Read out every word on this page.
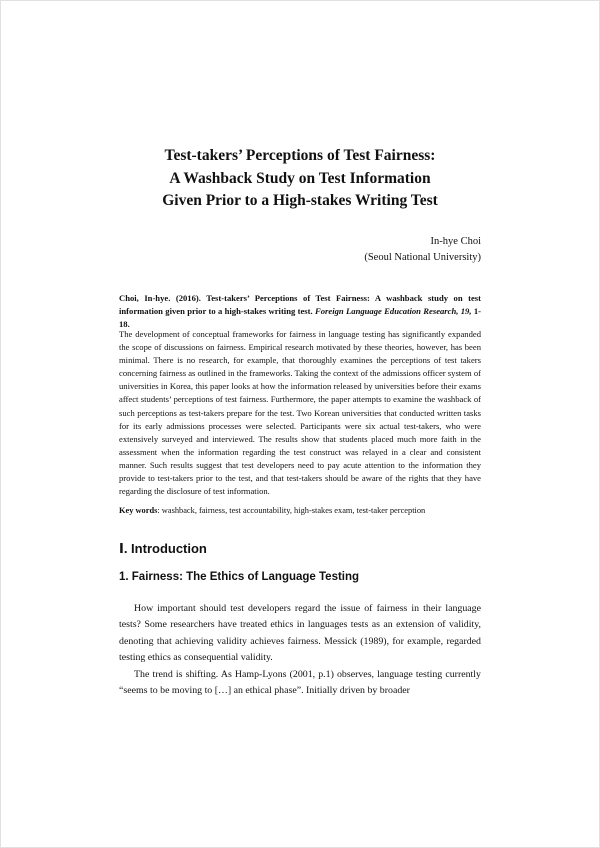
Test-takers’ Perceptions of Test Fairness:
A Washback Study on Test Information
Given Prior to a High-stakes Writing Test
In-hye Choi
(Seoul National University)
Choi, In-hye. (2016). Test-takers’ Perceptions of Test Fairness: A washback study on test information given prior to a high-stakes writing test. Foreign Language Education Research, 19, 1-18.

The development of conceptual frameworks for fairness in language testing has significantly expanded the scope of discussions on fairness. Empirical research motivated by these theories, however, has been minimal. There is no research, for example, that thoroughly examines the perceptions of test takers concerning fairness as outlined in the frameworks. Taking the context of the admissions officer system of universities in Korea, this paper looks at how the information released by universities before their exams affect students’ perceptions of test fairness. Furthermore, the paper attempts to examine the washback of such perceptions as test-takers prepare for the test. Two Korean universities that conducted written tasks for its early admissions processes were selected. Participants were six actual test-takers, who were extensively surveyed and interviewed. The results show that students placed much more faith in the assessment when the information regarding the test construct was relayed in a clear and consistent manner. Such results suggest that test developers need to pay acute attention to the information they provide to test-takers prior to the test, and that test-takers should be aware of the rights that they have regarding the disclosure of test information.

Key words: washback, fairness, test accountability, high-stakes exam, test-taker perception
Ⅰ. Introduction
1. Fairness: The Ethics of Language Testing

How important should test developers regard the issue of fairness in their language tests? Some researchers have treated ethics in languages tests as an extension of validity, denoting that achieving validity achieves fairness. Messick (1989), for example, regarded testing ethics as consequential validity.

The trend is shifting. As Hamp-Lyons (2001, p.1) observes, language testing currently “seems to be moving to […] an ethical phase”. Initially driven by broader
